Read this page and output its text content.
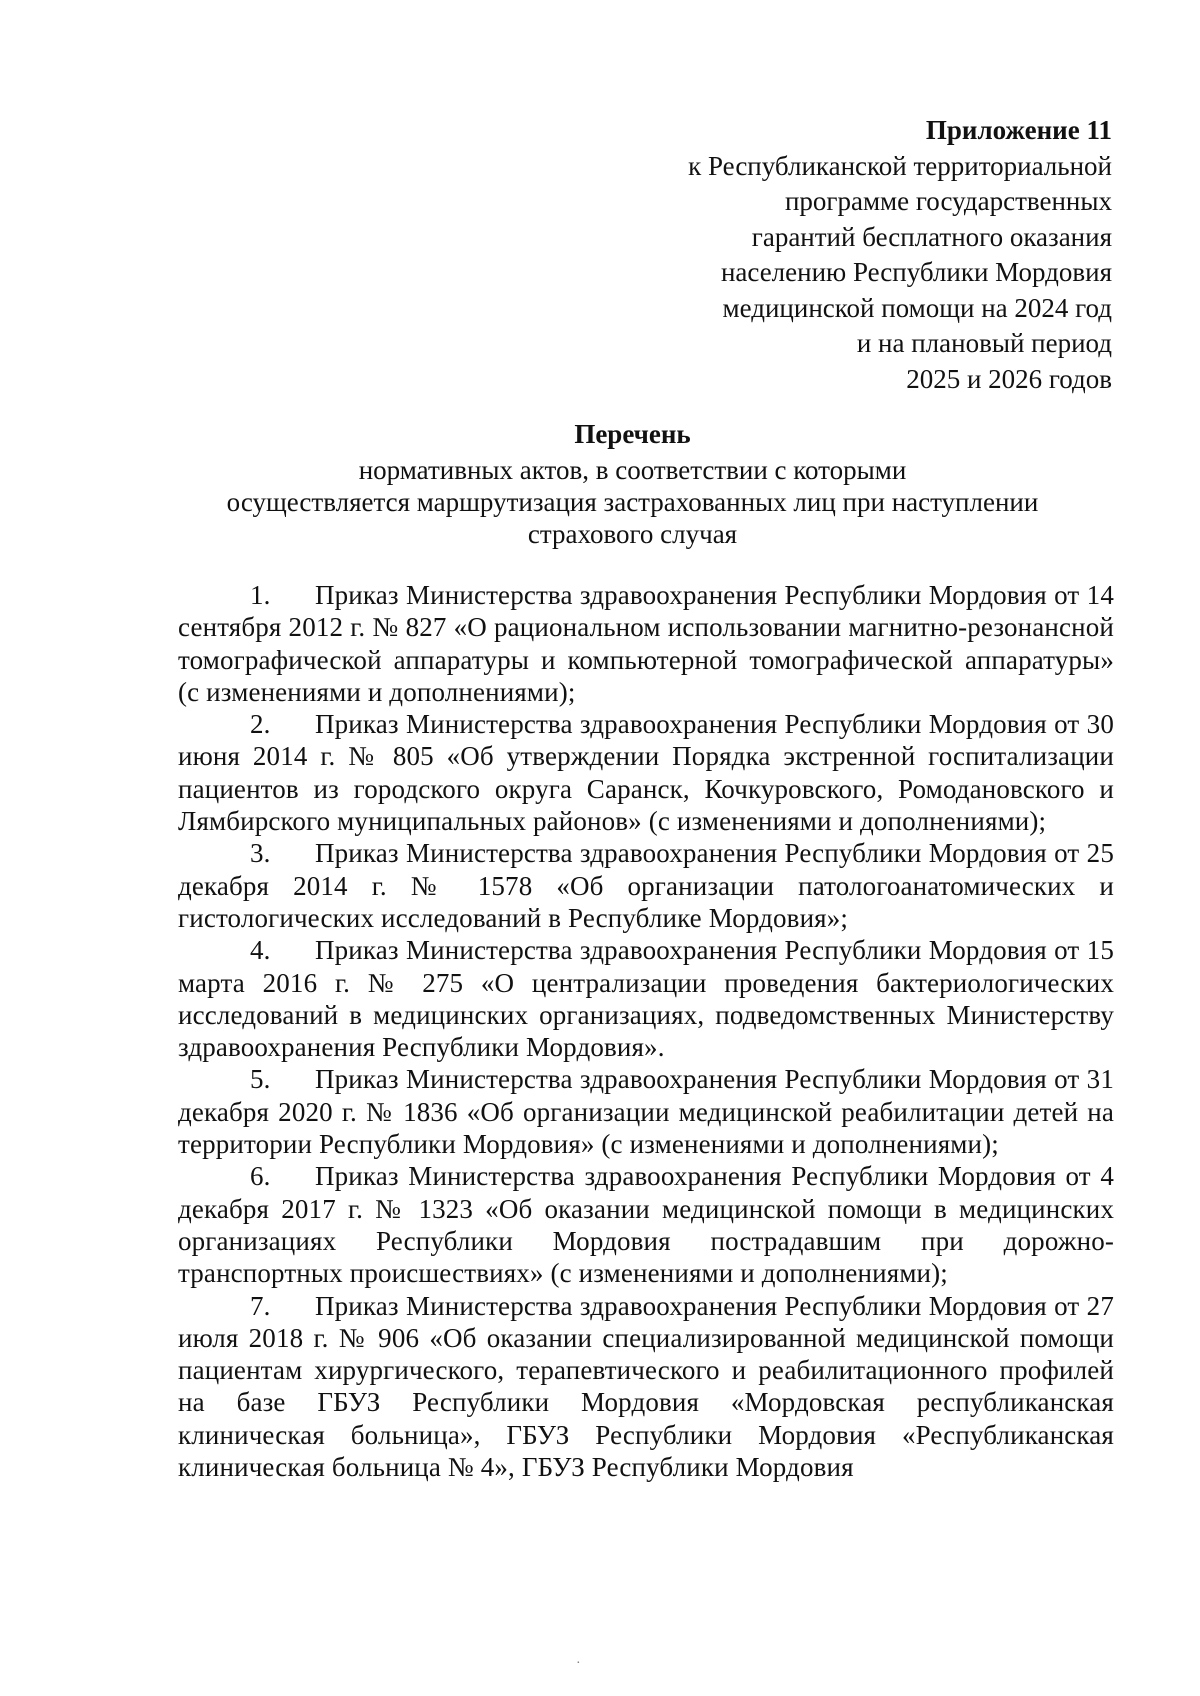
Приложение 11
к Республиканской территориальной
программе государственных
гарантий бесплатного оказания
населению Республики Мордовия
медицинской помощи на 2024 год
и на плановый период
2025 и 2026 годов
Перечень
нормативных актов, в соответствии с которыми
осуществляется маршрутизация застрахованных лиц при наступлении
страхового случая

1. Приказ Министерства здравоохранения Республики Мордовия от 14 сентября 2012 г. № 827 «О рациональном использовании магнитно-резонансной томографической аппаратуры и компьютерной томографической аппаратуры» (с изменениями и дополнениями);

2. Приказ Министерства здравоохранения Республики Мордовия от 30 июня 2014 г. № 805 «Об утверждении Порядка экстренной госпитализации пациентов из городского округа Саранск, Кочкуровского, Ромодановского и Лямбирского муниципальных районов» (с изменениями и дополнениями);

3. Приказ Министерства здравоохранения Республики Мордовия от 25 декабря 2014 г. № 1578 «Об организации патологоанатомических и гистологических исследований в Республике Мордовия»;

4. Приказ Министерства здравоохранения Республики Мордовия от 15 марта 2016 г. № 275 «О централизации проведения бактериологических исследований в медицинских организациях, подведомственных Министерству здравоохранения Республики Мордовия».

5. Приказ Министерства здравоохранения Республики Мордовия от 31 декабря 2020 г. № 1836 «Об организации медицинской реабилитации детей на территории Республики Мордовия» (с изменениями и дополнениями);

6. Приказ Министерства здравоохранения Республики Мордовия от 4 декабря 2017 г. № 1323 «Об оказании медицинской помощи в медицинских организациях Республики Мордовия пострадавшим при дорожно-транспортных происшествиях» (с изменениями и дополнениями);

7. Приказ Министерства здравоохранения Республики Мордовия от 27 июля 2018 г. № 906 «Об оказании специализированной медицинской помощи пациентам хирургического, терапевтического и реабилитационного профилей на базе ГБУЗ Республики Мордовия «Мордовская республиканская клиническая больница», ГБУЗ Республики Мордовия «Республиканская клиническая больница № 4», ГБУЗ Республики Мордовия

·
